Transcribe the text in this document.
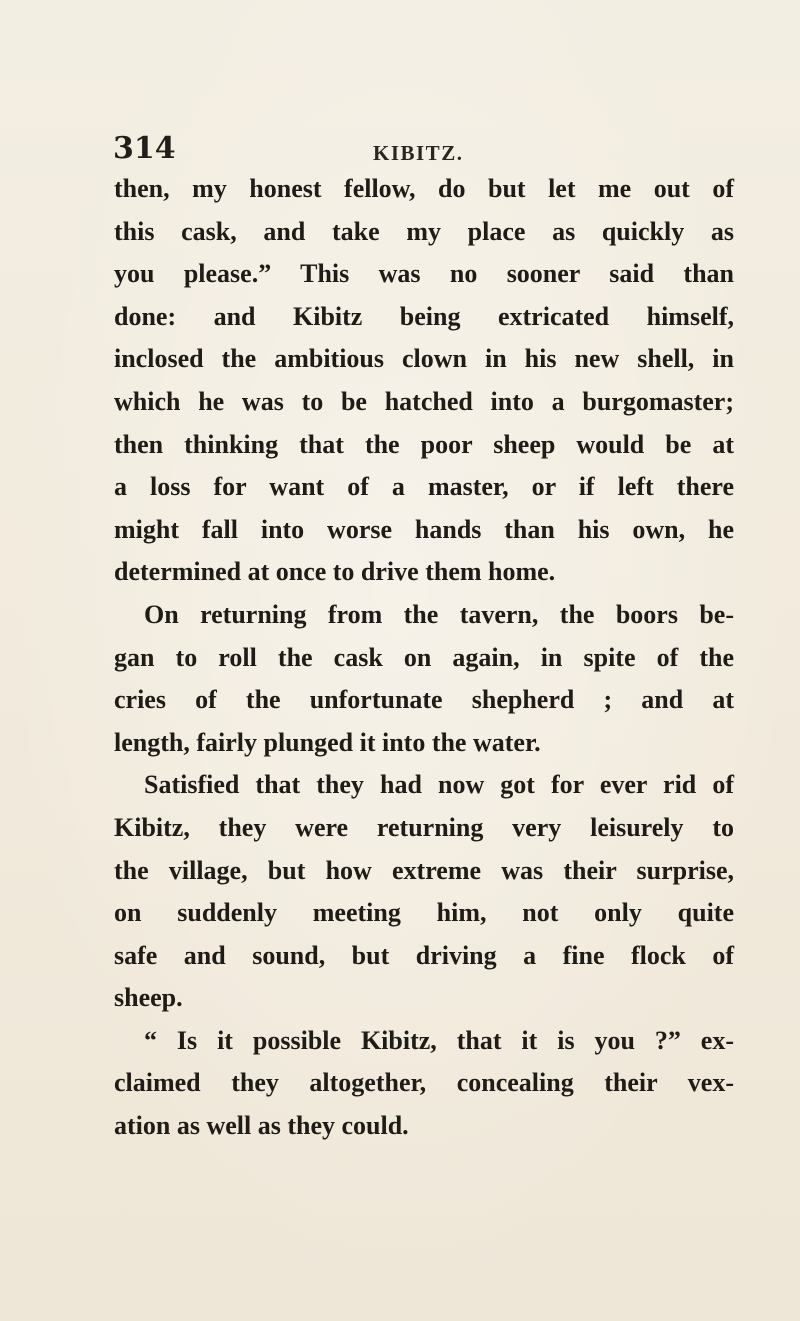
314	KIBITZ.
then, my honest fellow, do but let me out of
this cask, and take my place as quickly as
you please.” This was no sooner said than
done: and Kibitz being extricated himself,
inclosed the ambitious clown in his new shell, in
which he was to be hatched into a burgomaster;
then thinking that the poor sheep would be at
a loss for want of a master, or if left there
might fall into worse hands than his own, he
determined at once to drive them home.
On returning from the tavern, the boors be-
gan to roll the cask on again, in spite of the
cries of the unfortunate shepherd ; and at
length, fairly plunged it into the water.
Satisfied that they had now got for ever rid of
Kibitz, they were returning very leisurely to
the village, but how extreme was their surprise,
on suddenly meeting him, not only quite
safe and sound, but driving a fine flock of
sheep.
“ Is it possible Kibitz, that it is you ?” ex-
claimed they altogether, concealing their vex-
ation as well as they could.
